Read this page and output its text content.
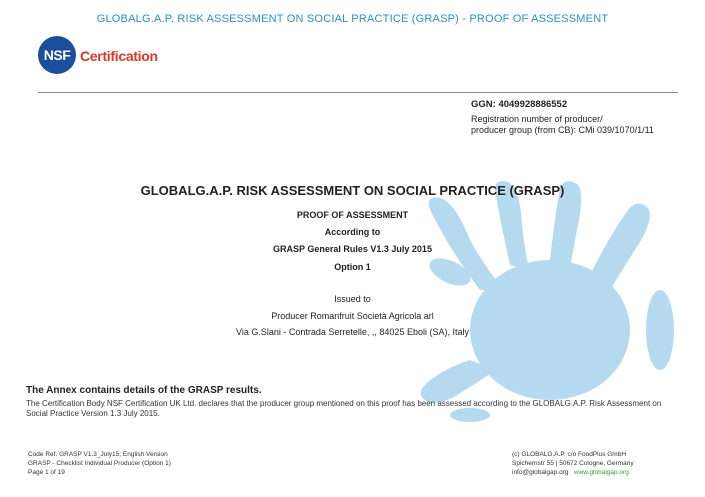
GLOBALG.A.P. RISK ASSESSMENT ON SOCIAL PRACTICE (GRASP) - PROOF OF ASSESSMENT
NSF Certification
GGN: 4049928886552
Registration number of producer/
producer group (from CB): CMi 039/1070/1/11
GLOBALG.A.P. RISK ASSESSMENT ON SOCIAL PRACTICE (GRASP)
PROOF OF ASSESSMENT
According to
GRASP General Rules V1.3 July 2015
Option 1
Issued to
Producer Romanfruit Società Agricola arl
Via G.Slani - Contrada Serretelle, ,, 84025 Eboli (SA), Italy
The Annex contains details of the GRASP results.
The Certification Body NSF Certification UK Ltd. declares that the producer group mentioned on this proof has been assessed according to the GLOBALG.A.P. Risk Assessment on Social Practice Version 1.3 July 2015.
Code Ref. GRASP V1.3_July15; English Version
GRASP - Checklist Individual Producer (Option 1)
Page 1 of 19
(c) GLOBALG.A.P. c/o FoodPlus GmbH
Spichernstr 55 | 50672 Cologne, Germany
info@globalgap.org www.globalgap.org
